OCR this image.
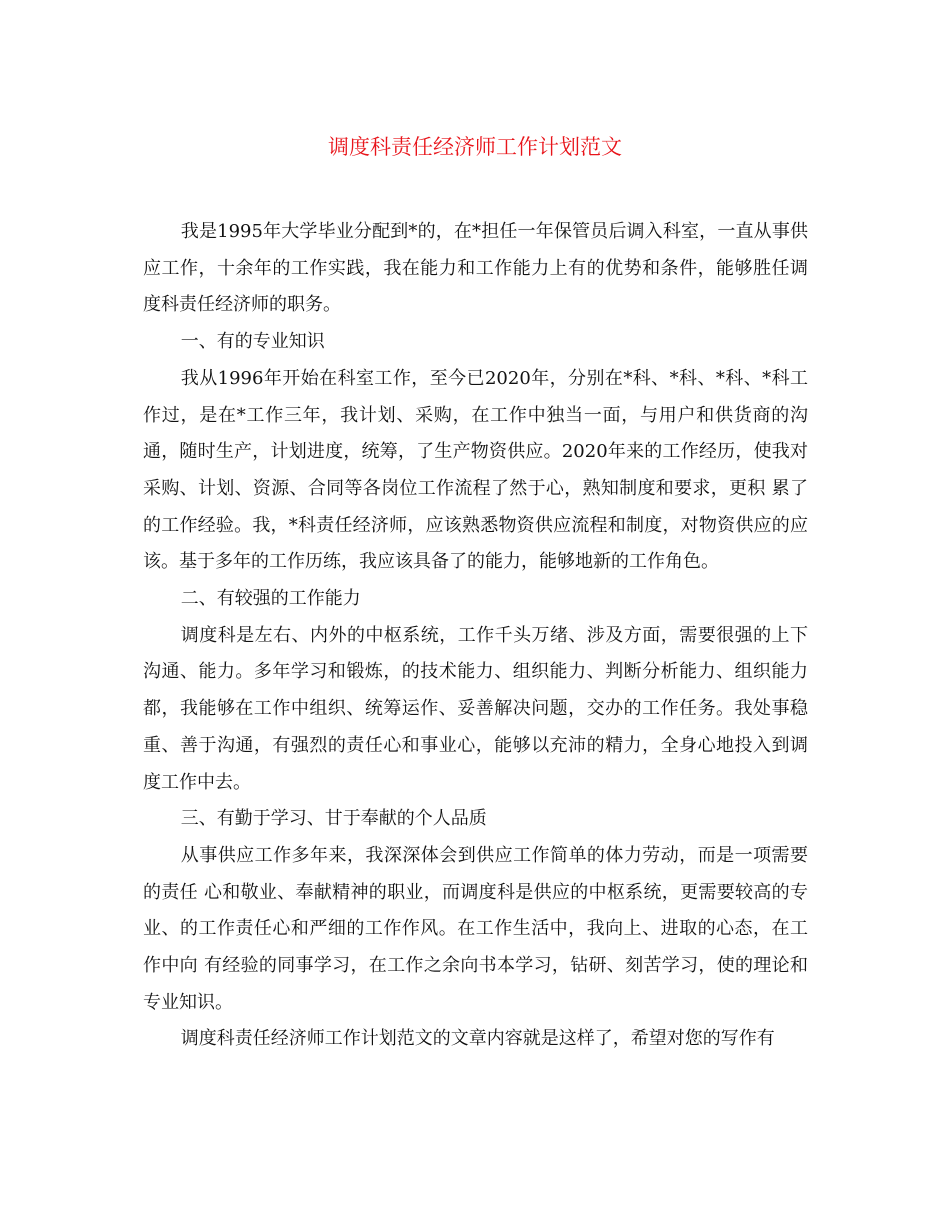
调度科责任经济师工作计划范文

我是1995年大学毕业分配到*的，在*担任一年保管员后调入科室，一直从事供应工作，十余年的工作实践，我在能力和工作能力上有的优势和条件，能够胜任调度科责任经济师的职务。

一、有的专业知识

我从1996年开始在科室工作，至今已2020年，分别在*科、*科、*科、*科工作过，是在*工作三年，我计划、采购，在工作中独当一面，与用户和供货商的沟通，随时生产，计划进度，统筹，了生产物资供应。2020年来的工作经历，使我对采购、计划、资源、合同等各岗位工作流程了然于心，熟知制度和要求，更积 累了的工作经验。我，*科责任经济师，应该熟悉物资供应流程和制度，对物资供应的应该。基于多年的工作历练，我应该具备了的能力，能够地新的工作角色。

二、有较强的工作能力

调度科是左右、内外的中枢系统，工作千头万绪、涉及方面，需要很强的上下沟通、能力。多年学习和锻炼，的技术能力、组织能力、判断分析能力、组织能力 都，我能够在工作中组织、统筹运作、妥善解决问题，交办的工作任务。我处事稳重、善于沟通，有强烈的责任心和事业心，能够以充沛的精力，全身心地投入到调 度工作中去。

三、有勤于学习、甘于奉献的个人品质

从事供应工作多年来，我深深体会到供应工作简单的体力劳动，而是一项需要的责任 心和敬业、奉献精神的职业，而调度科是供应的中枢系统，更需要较高的专业、的工作责任心和严细的工作作风。在工作生活中，我向上、进取的心态，在工作中向 有经验的同事学习，在工作之余向书本学习，钻研、刻苦学习，使的理论和专业知识。

调度科责任经济师工作计划范文的文章内容就是这样了，希望对您的写作有
